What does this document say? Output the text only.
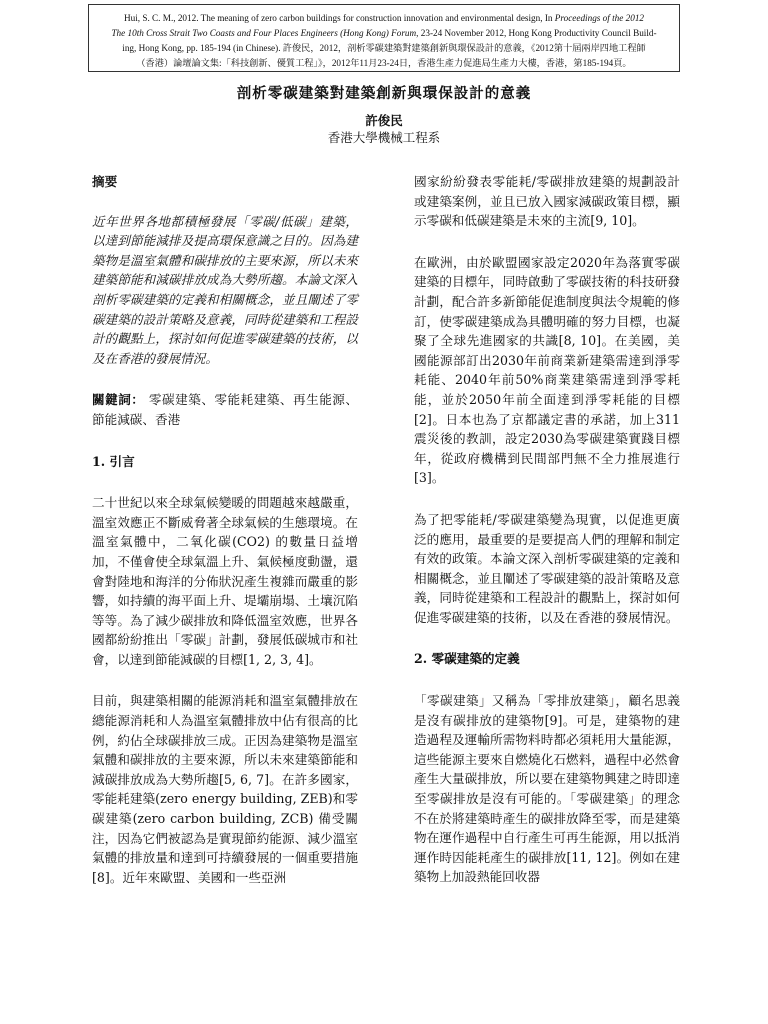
Hui, S. C. M., 2012. The meaning of zero carbon buildings for construction innovation and environmental design, In Proceedings of the 2012
The 10th Cross Strait Two Coasts and Four Places Engineers (Hong Kong) Forum, 23-24 November 2012, Hong Kong Productivity Council Build-
ing, Hong Kong, pp. 185-194 (in Chinese). 許俊民，2012，剖析零碳建築對建築創新與環保設計的意義，《2012第十屆兩岸四地工程師
（香港）論壇論文集:「科技創新、優質工程」》，2012年11月23-24日，香港生產力促進局生產力大樓，香港，第185-194頁。
剖析零碳建築對建築創新與環保設計的意義
許俊民
香港大學機械工程系

摘要

近年世界各地都積極發展「零碳/低碳」建築，以達到節能減排及提高環保意識之目的。因為建築物是溫室氣體和碳排放的主要來源，所以未來建築節能和減碳排放成為大勢所趨。本論文深入剖析零碳建築的定義和相關概念，並且闡述了零碳建築的設計策略及意義，同時從建築和工程設計的觀點上，探討如何促進零碳建築的技術，以及在香港的發展情況。

關鍵詞： 零碳建築、零能耗建築、再生能源、節能減碳、香港

1. 引言

二十世紀以來全球氣候變暖的問題越來越嚴重，溫室效應正不斷威脅著全球氣候的生態環境。在溫室氣體中，二氧化碳(CO2) 的數量日益增加，不僅會使全球氣溫上升、氣候極度動盪，還會對陸地和海洋的分佈狀況產生複雜而嚴重的影響，如持續的海平面上升、堤壩崩塌、土壤沉陷等等。為了減少碳排放和降低溫室效應，世界各國都紛紛推出「零碳」計劃，發展低碳城市和社會，以達到節能減碳的目標[1, 2, 3, 4]。

目前，與建築相關的能源消耗和溫室氣體排放在總能源消耗和人為溫室氣體排放中佔有很高的比例，約佔全球碳排放三成。正因為建築物是溫室氣體和碳排放的主要來源，所以未來建築節能和減碳排放成為大勢所趨[5, 6, 7]。在許多國家，零能耗建築(zero energy building, ZEB)和零碳建築(zero carbon building, ZCB) 備受關注，因為它們被認為是實現節約能源、減少溫室氣體的排放量和達到可持續發展的一個重要措施[8]。近年來歐盟、美國和一些亞洲

國家紛紛發表零能耗/零碳排放建築的規劃設計或建築案例，並且已放入國家減碳政策目標，顯示零碳和低碳建築是未來的主流[9, 10]。

在歐洲，由於歐盟國家設定2020年為落實零碳建築的目標年，同時啟動了零碳技術的科技研發計劃，配合許多新節能促進制度與法令規範的修訂，使零碳建築成為具體明確的努力目標，也凝聚了全球先進國家的共識[8, 10]。在美國，美國能源部訂出2030年前商業新建築需達到淨零耗能、2040年前50%商業建築需達到淨零耗能，並於2050年前全面達到淨零耗能的目標[2]。日本也為了京都議定書的承諾，加上311震災後的教訓，設定2030為零碳建築實踐目標年，從政府機構到民間部門無不全力推展進行[3]。

為了把零能耗/零碳建築變為現實，以促進更廣泛的應用，最重要的是要提高人們的理解和制定有效的政策。本論文深入剖析零碳建築的定義和相關概念，並且闡述了零碳建築的設計策略及意義，同時從建築和工程設計的觀點上，探討如何促進零碳建築的技術，以及在香港的發展情況。

2. 零碳建築的定義

「零碳建築」又稱為「零排放建築」，顧名思義是沒有碳排放的建築物[9]。可是，建築物的建造過程及運輸所需物料時都必須耗用大量能源，這些能源主要來自燃燒化石燃料，過程中必然會產生大量碳排放，所以要在建築物興建之時即達至零碳排放是沒有可能的。「零碳建築」的理念不在於將建築時產生的碳排放降至零，而是建築物在運作過程中自行產生可再生能源，用以抵消運作時因能耗產生的碳排放[11, 12]。例如在建築物上加設熱能回收器
